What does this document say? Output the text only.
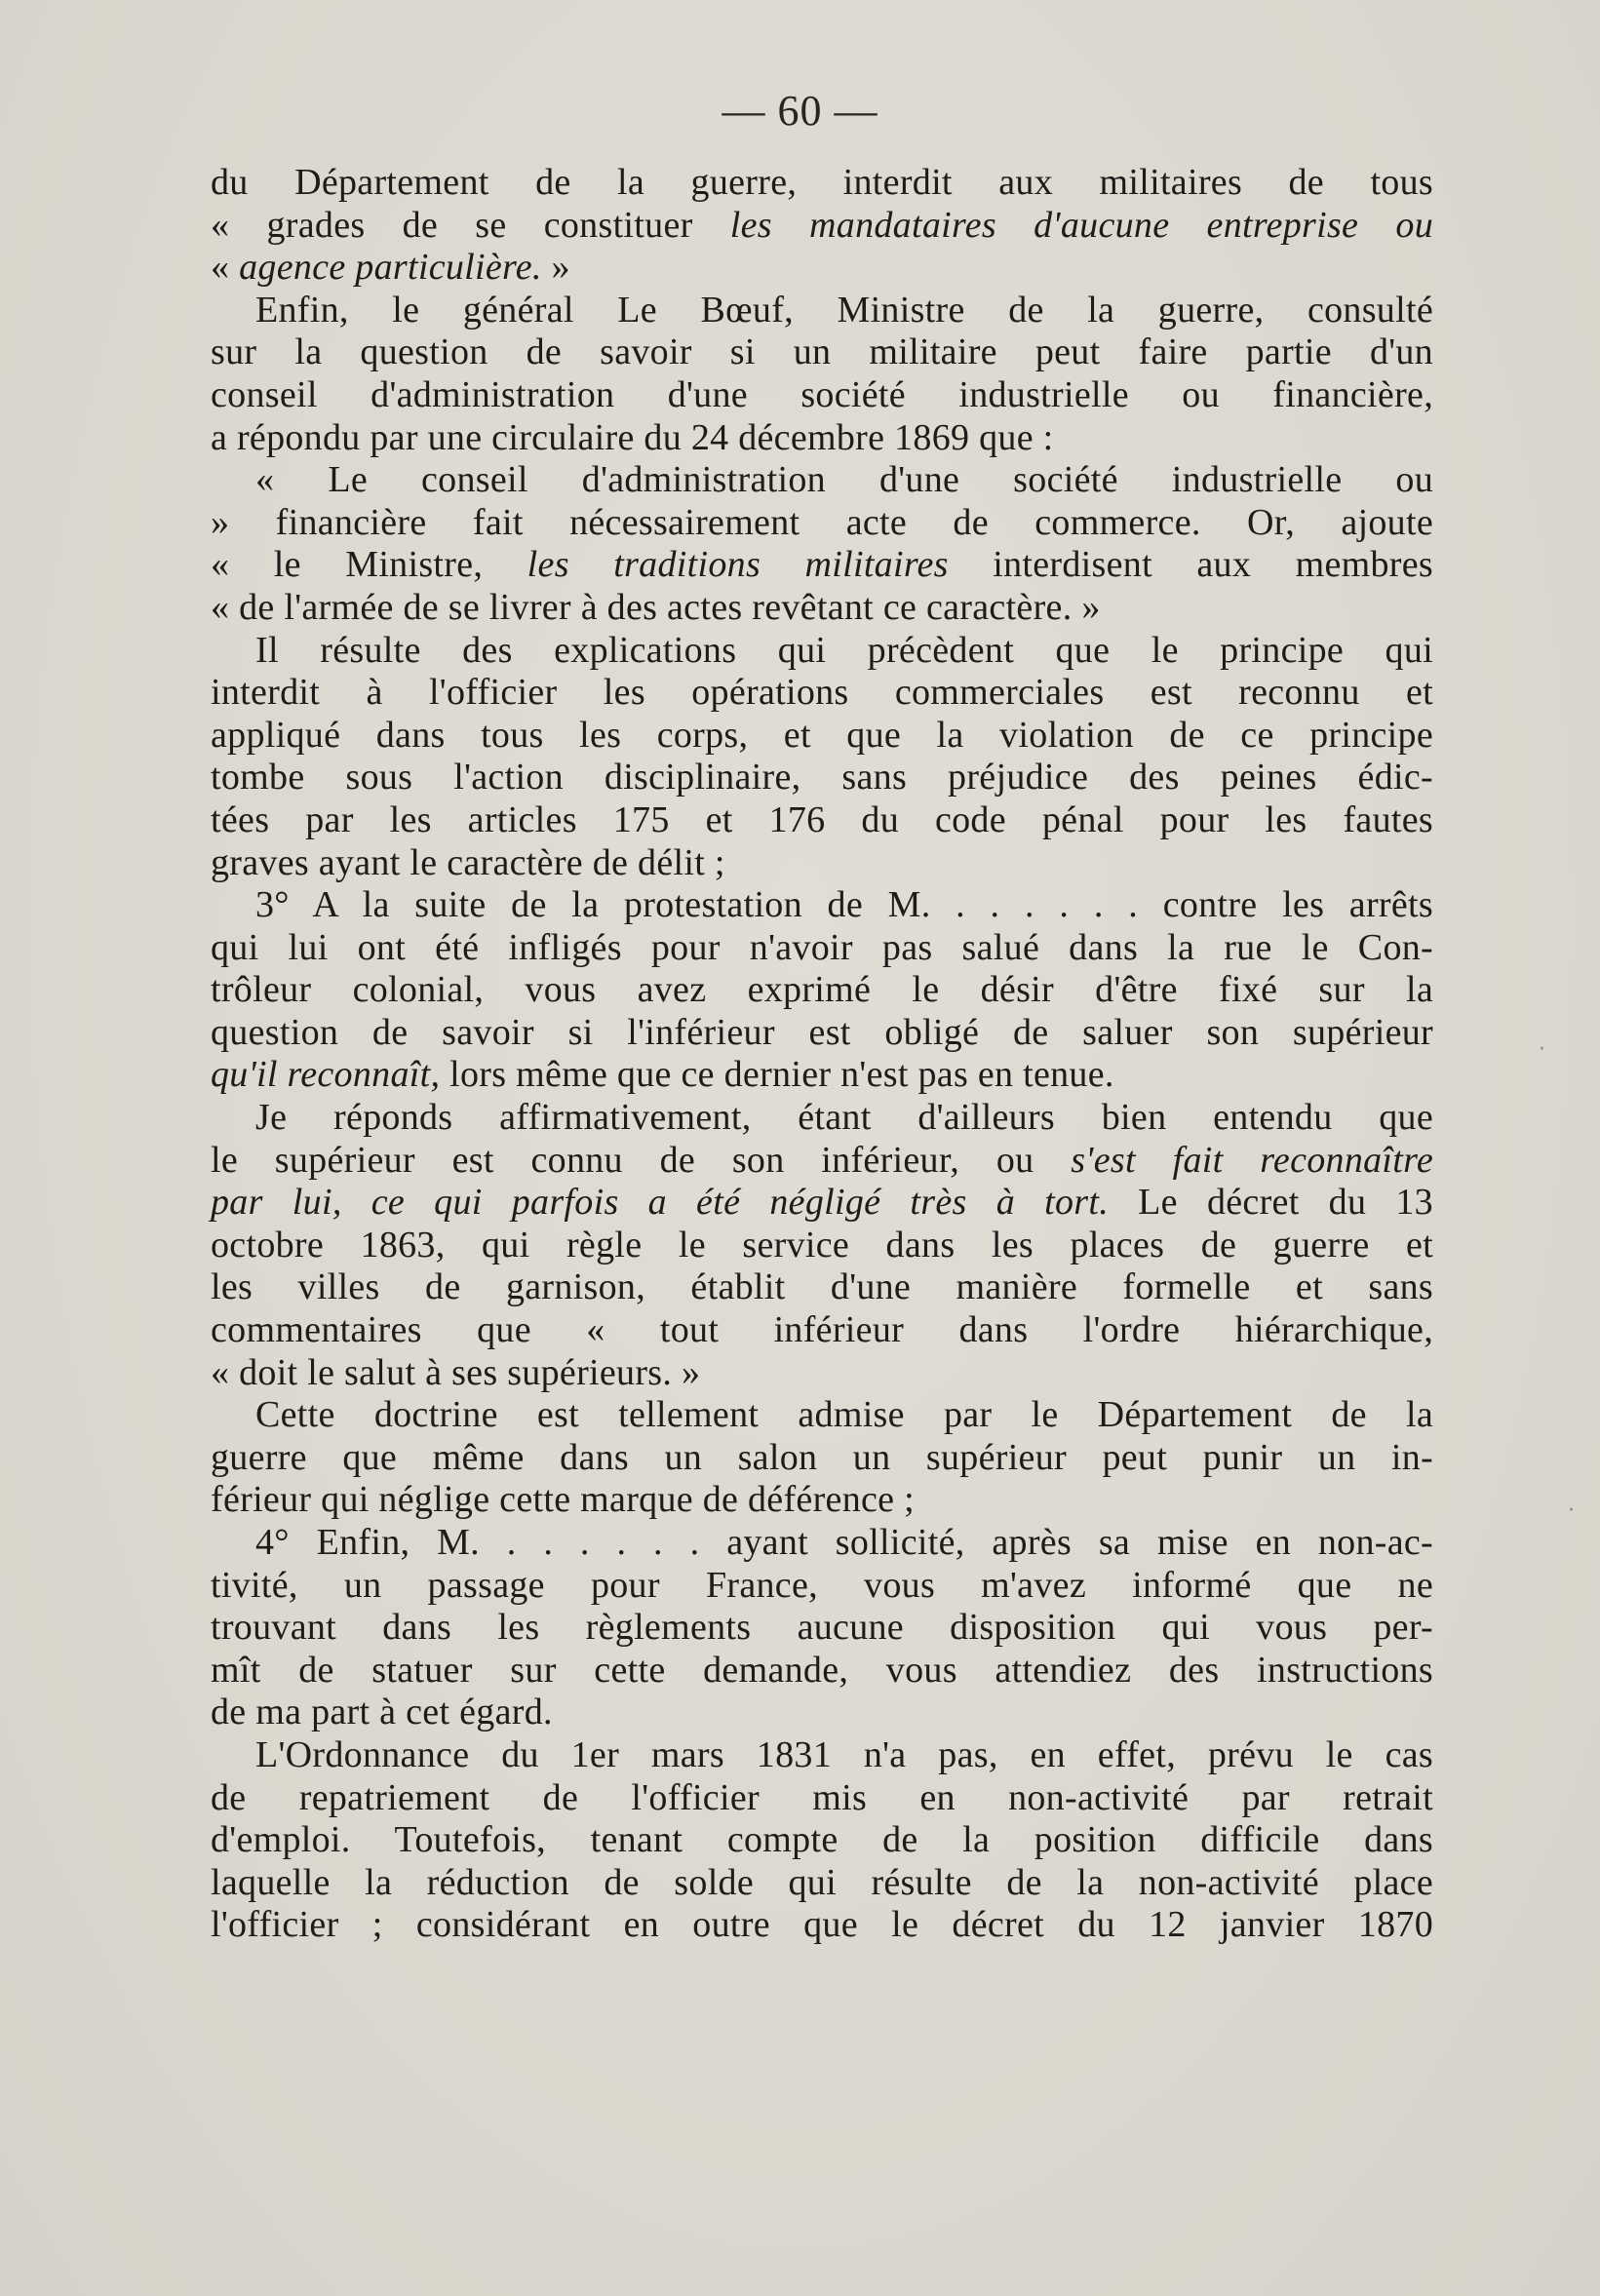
— 60 —
du Département de la guerre, interdit aux militaires de tous
« grades de se constituer les mandataires d'aucune entreprise ou
« agence particulière. »
Enfin, le général Le Bœuf, Ministre de la guerre, consulté
sur la question de savoir si un militaire peut faire partie d'un
conseil d'administration d'une société industrielle ou financière,
a répondu par une circulaire du 24 décembre 1869 que :
« Le conseil d'administration d'une société industrielle ou
» financière fait nécessairement acte de commerce. Or, ajoute
« le Ministre, les traditions militaires interdisent aux membres
« de l'armée de se livrer à des actes revêtant ce caractère. »
Il résulte des explications qui précèdent que le principe qui
interdit à l'officier les opérations commerciales est reconnu et
appliqué dans tous les corps, et que la violation de ce principe
tombe sous l'action disciplinaire, sans préjudice des peines édic-
tées par les articles 175 et 176 du code pénal pour les fautes
graves ayant le caractère de délit ;
3° A la suite de la protestation de M. . . . . . . contre les arrêts
qui lui ont été infligés pour n'avoir pas salué dans la rue le Con-
trôleur colonial, vous avez exprimé le désir d'être fixé sur la
question de savoir si l'inférieur est obligé de saluer son supérieur
qu'il reconnaît, lors même que ce dernier n'est pas en tenue.
Je réponds affirmativement, étant d'ailleurs bien entendu que
le supérieur est connu de son inférieur, ou s'est fait reconnaître
par lui, ce qui parfois a été négligé très à tort. Le décret du 13
octobre 1863, qui règle le service dans les places de guerre et
les villes de garnison, établit d'une manière formelle et sans
commentaires que « tout inférieur dans l'ordre hiérarchique,
« doit le salut à ses supérieurs. »
Cette doctrine est tellement admise par le Département de la
guerre que même dans un salon un supérieur peut punir un in-
férieur qui néglige cette marque de déférence ;
4° Enfin, M. . . . . . . ayant sollicité, après sa mise en non-ac-
tivité, un passage pour France, vous m'avez informé que ne
trouvant dans les règlements aucune disposition qui vous per-
mît de statuer sur cette demande, vous attendiez des instructions
de ma part à cet égard.
L'Ordonnance du 1er mars 1831 n'a pas, en effet, prévu le cas
de repatriement de l'officier mis en non-activité par retrait
d'emploi. Toutefois, tenant compte de la position difficile dans
laquelle la réduction de solde qui résulte de la non-activité place
l'officier ; considérant en outre que le décret du 12 janvier 1870
·
·
